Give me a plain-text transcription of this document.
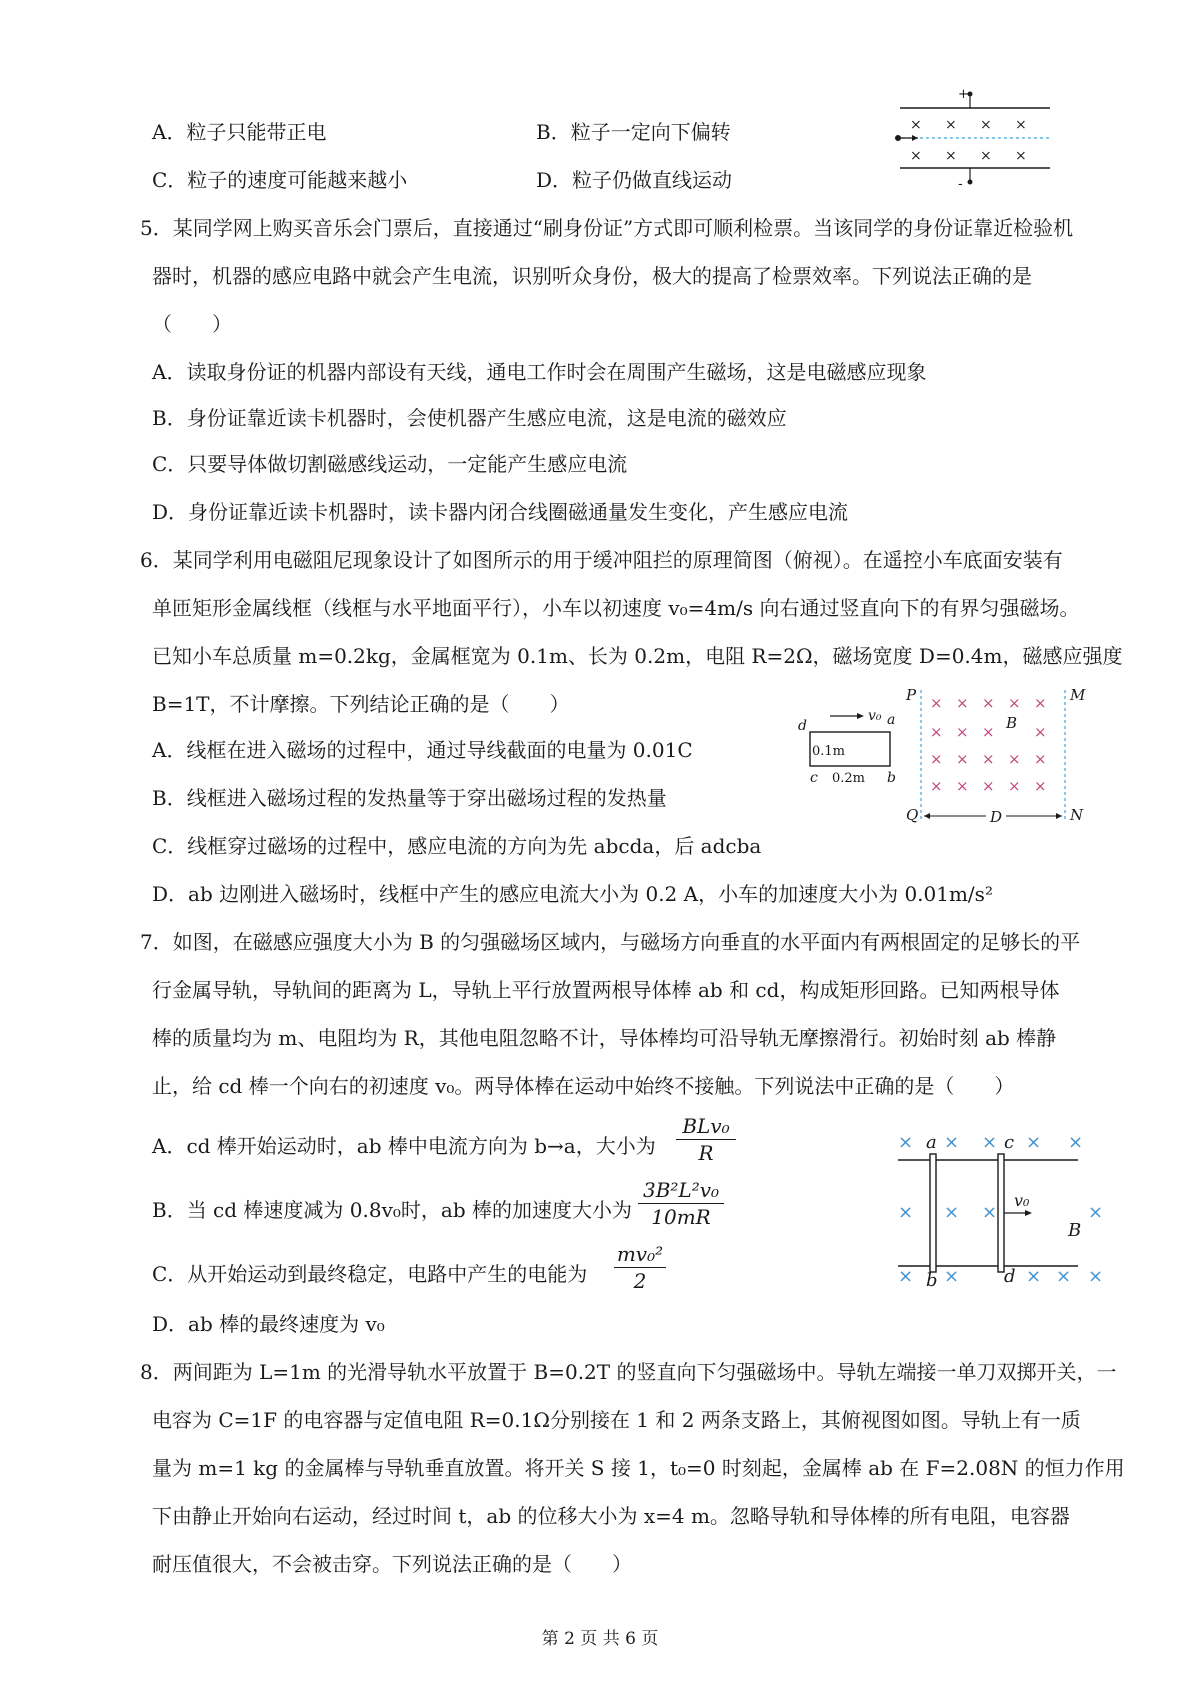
A．粒子只能带正电	B．粒子一定向下偏转
C．粒子的速度可能越来越小	D．粒子仍做直线运动
+
-
× × × ×
× × × ×
5．某同学网上购买音乐会门票后，直接通过“刷身份证”方式即可顺利检票。当该同学的身份证靠近检验机
器时，机器的感应电路中就会产生电流，识别听众身份，极大的提高了检票效率。下列说法正确的是
（　　）
A．读取身份证的机器内部设有天线，通电工作时会在周围产生磁场，这是电磁感应现象
B．身份证靠近读卡机器时，会使机器产生感应电流，这是电流的磁效应
C．只要导体做切割磁感线运动，一定能产生感应电流
D．身份证靠近读卡机器时，读卡器内闭合线圈磁通量发生变化，产生感应电流
6．某同学利用电磁阻尼现象设计了如图所示的用于缓冲阻拦的原理简图（俯视）。在遥控小车底面安装有
单匝矩形金属线框（线框与水平地面平行），小车以初速度 v₀=4m/s 向右通过竖直向下的有界匀强磁场。
已知小车总质量 m=0.2kg，金属框宽为 0.1m、长为 0.2m，电阻 R=2Ω，磁场宽度 D=0.4m，磁感应强度
B=1T，不计摩擦。下列结论正确的是（　　）
A．线框在进入磁场的过程中，通过导线截面的电量为 0.01C
B．线框进入磁场过程的发热量等于穿出磁场过程的发热量
C．线框穿过磁场的过程中，感应电流的方向为先 abcda，后 adcba
D．ab 边刚进入磁场时，线框中产生的感应电流大小为 0.2 A，小车的加速度大小为 0.01m/s²
P	M
Q	N
D
B
× × × × ×
× × ×	×
× × × × ×
× × × × ×
d	a
c	b
0.1m
0.2m
v₀
7．如图，在磁感应强度大小为 B 的匀强磁场区域内，与磁场方向垂直的水平面内有两根固定的足够长的平
行金属导轨，导轨间的距离为 L，导轨上平行放置两根导体棒 ab 和 cd，构成矩形回路。已知两根导体
棒的质量均为 m、电阻均为 R，其他电阻忽略不计，导体棒均可沿导轨无摩擦滑行。初始时刻 ab 棒静
止，给 cd 棒一个向右的初速度 v₀。两导体棒在运动中始终不接触。下列说法中正确的是（　　）
A．cd 棒开始运动时，ab 棒中电流方向为 b→a，大小为
BLv₀
R
B．当 cd 棒速度减为 0.8v₀时，ab 棒的加速度大小为
3B²L²v₀
10mR
C．从开始运动到最终稳定，电路中产生的电能为
mv₀²
2
D．ab 棒的最终速度为 v₀
v₀
B
a	c
b	d
× × × × ×
× × ×	×
× ×	× × ×
8．两间距为 L=1m 的光滑导轨水平放置于 B=0.2T 的竖直向下匀强磁场中。导轨左端接一单刀双掷开关，一
电容为 C=1F 的电容器与定值电阻 R=0.1Ω分别接在 1 和 2 两条支路上，其俯视图如图。导轨上有一质
量为 m=1 kg 的金属棒与导轨垂直放置。将开关 S 接 1，t₀=0 时刻起，金属棒 ab 在 F=2.08N 的恒力作用
下由静止开始向右运动，经过时间 t，ab 的位移大小为 x=4 m。忽略导轨和导体棒的所有电阻，电容器
耐压值很大，不会被击穿。下列说法正确的是（　　）
第 2 页 共 6 页
